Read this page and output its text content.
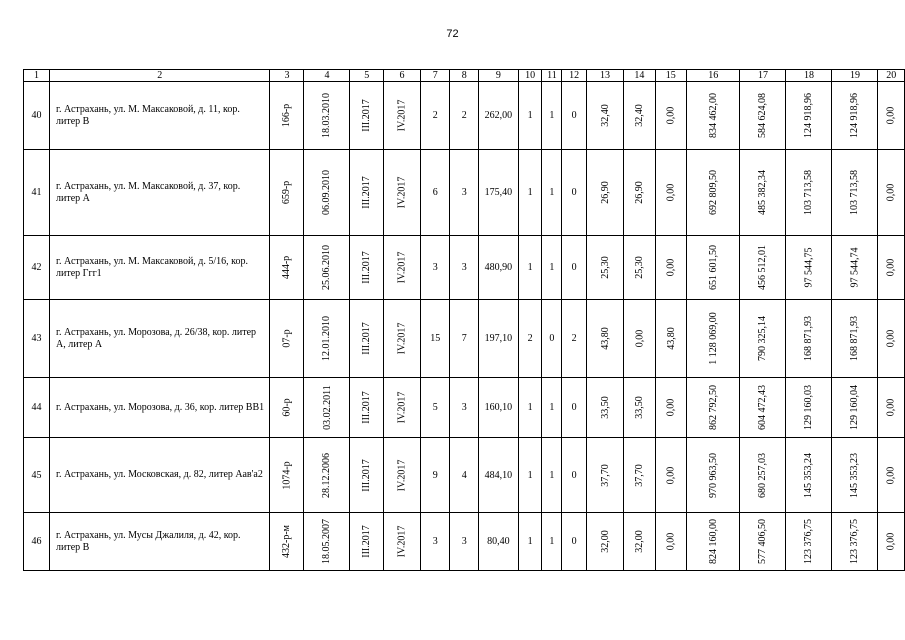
72
1	2	3	4	5	6	7	8	9	10	11	12	13	14	15	16	17	18	19	20
40	г. Астрахань, ул. М. Максаковой, д. 11, кор. литер В	166-р	18.03.2010	III.2017	IV.2017	2	2	262,00	1	1	0	32,40	32,40	0,00	834 462,00	584 624,08	124 918,96	124 918,96	0,00
41	г. Астрахань, ул. М. Максаковой, д. 37, кор. литер А	659-р	06.09.2010	III.2017	IV.2017	6	3	175,40	1	1	0	26,90	26,90	0,00	692 809,50	485 382,34	103 713,58	103 713,58	0,00
42	г. Астрахань, ул. М. Максаковой, д. 5/16, кор. литер Ггг1	444-р	25.06.2010	III.2017	IV.2017	3	3	480,90	1	1	0	25,30	25,30	0,00	651 601,50	456 512,01	97 544,75	97 544,74	0,00
43	г. Астрахань, ул. Морозова, д. 26/38, кор. литер А, литер А	07-р	12.01.2010	III.2017	IV.2017	15	7	197,10	2	0	2	43,80	0,00	43,80	1 128 069,00	790 325,14	168 871,93	168 871,93	0,00
44	г. Астрахань, ул. Морозова, д. 36, кор. литер ВВ1	60-р	03.02.2011	III.2017	IV.2017	5	3	160,10	1	1	0	33,50	33,50	0,00	862 792,50	604 472,43	129 160,03	129 160,04	0,00
45	г. Астрахань, ул. Московская, д. 82, литер Аав'а2	1074-р	28.12.2006	III.2017	IV.2017	9	4	484,10	1	1	0	37,70	37,70	0,00	970 963,50	680 257,03	145 353,24	145 353,23	0,00
46	г. Астрахань, ул. Мусы Джалиля, д. 42, кор. литер В	432-р-м	18.05.2007	III.2017	IV.2017	3	3	80,40	1	1	0	32,00	32,00	0,00	824 160,00	577 406,50	123 376,75	123 376,75	0,00
